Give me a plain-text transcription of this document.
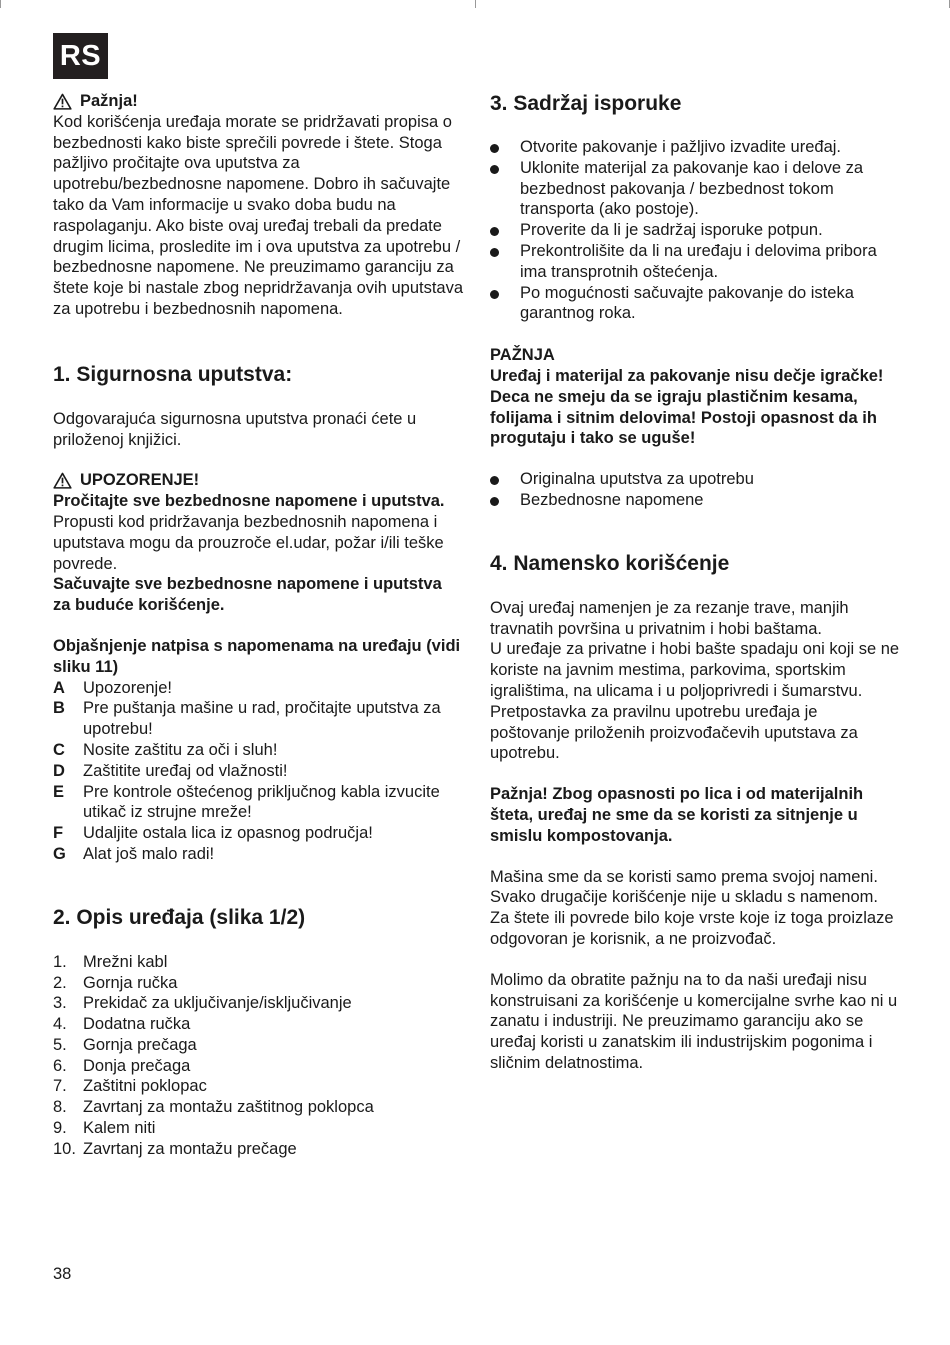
RS
Pažnja!

Kod korišćenja uređaja morate se pridržavati propisa o bezbednosti kako biste sprečili povrede i štete. Stoga pažljivo pročitajte ova uputstva za upotrebu/bezbednosne napomene. Dobro ih sačuvajte tako da Vam informacije u svako doba budu na raspolaganju. Ako biste ovaj uređaj trebali da predate drugim licima, prosledite im i ova uputstva za upotrebu / bezbednosne napomene. Ne preuzimamo garanciju za štete koje bi nastale zbog nepridržavanja ovih uputstava za upotrebu i bezbednosnih napomena.

1. Sigurnosna uputstva:

Odgovarajuća sigurnosna uputstva pronaći ćete u priloženoj knjižici.

UPOZORENJE!

Pročitajte sve bezbednosne napomene i uputstva.

Propusti kod pridržavanja bezbednosnih napomena i uputstava mogu da prouzroče el.udar, požar i/ili teške povrede.

Sačuvajte sve bezbednosne napomene i uputstva za buduće korišćenje.

Objašnjenje natpisa s napomenama na uređaju (vidi sliku 11)

A	Upozorenje!
B	Pre puštanja mašine u rad, pročitajte uputstva za upotrebu!
C	Nosite zaštitu za oči i sluh!
D	Zaštitite uređaj od vlažnosti!
E	Pre kontrole oštećenog priključnog kabla izvucite utikač iz strujne mreže!
F	Udaljite ostala lica iz opasnog područja!
G	Alat još malo radi!
2. Opis uređaja (slika 1/2)
1. Mrežni kabl
2. Gornja ručka
3. Prekidač za uključivanje/isključivanje
4. Dodatna ručka
5. Gornja prečaga
6. Donja prečaga
7. Zaštitni poklopac
8. Zavrtanj za montažu zaštitnog poklopca
9. Kalem niti
10. Zavrtanj za montažu prečage
3. Sadržaj isporuke
Otvorite pakovanje i pažljivo izvadite uređaj.
Uklonite materijal za pakovanje kao i delove za bezbednost pakovanja / bezbednost tokom transporta (ako postoje).
Proverite da li je sadržaj isporuke potpun.
Prekontrolišite da li na uređaju i delovima pribora ima transprotnih oštećenja.
Po mogućnosti sačuvajte pakovanje do isteka garantnog roka.

PAŽNJA

Uređaj i materijal za pakovanje nisu dečje igračke! Deca ne smeju da se igraju plastičnim kesama, folijama i sitnim delovima! Postoji opasnost da ih progutaju i tako se uguše!

Originalna uputstva za upotrebu
Bezbednosne napomene
4. Namensko korišćenje

Ovaj uređaj namenjen je za rezanje trave, manjih travnatih površina u privatnim i hobi baštama.

U uređaje za privatne i hobi bašte spadaju oni koji se ne koriste na javnim mestima, parkovima, sportskim igralištima, na ulicama i u poljoprivredi i šumarstvu. Pretpostavka za pravilnu upotrebu uređaja je poštovanje priloženih proizvođačevih uputstava za upotrebu.

Pažnja! Zbog opasnosti po lica i od materijalnih šteta, uređaj ne sme da se koristi za sitnjenje u smislu kompostovanja.

Mašina sme da se koristi samo prema svojoj nameni. Svako drugačije korišćenje nije u skladu s namenom. Za štete ili povrede bilo koje vrste koje iz toga proizlaze odgovoran je korisnik, a ne proizvođač.

Molimo da obratite pažnju na to da naši uređaji nisu konstruisani za korišćenje u komercijalne svrhe kao ni u zanatu i industriji. Ne preuzimamo garanciju ako se uređaj koristi u zanatskim ili industrijskim pogonima i sličnim delatnostima.

38
